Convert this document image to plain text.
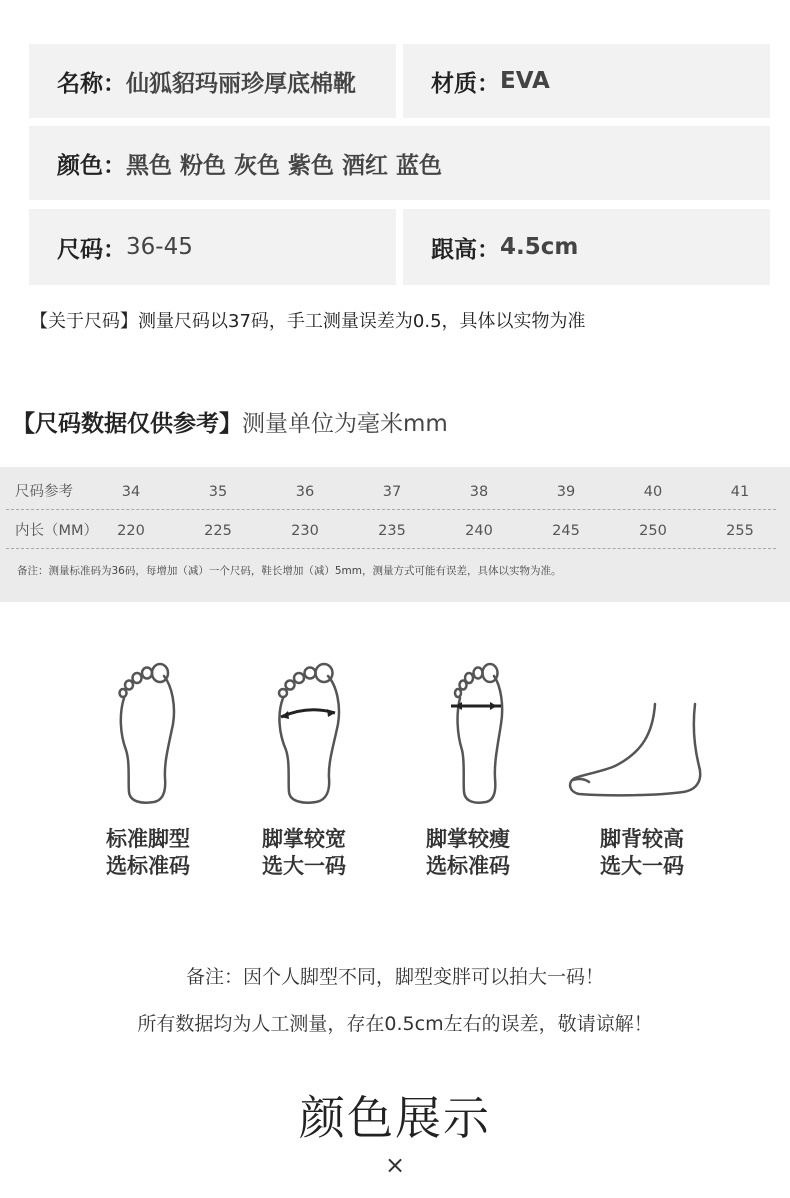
名称： 仙狐貂玛丽珍厚底棉靴	材质： EVA
颜色： 黑色 粉色 灰色 紫色 酒红 蓝色
尺码： 36-45	跟高： 4.5cm
【关于尺码】测量尺码以37码，手工测量误差为0.5，具体以实物为准
【尺码数据仅供参考】测量单位为毫米mm
尺码参考	34	35	36	37	38	39	40	41
内长（MM）	220	225	230	235	240	245	250	255
备注：测量标准码为36码，每增加（减）一个尺码，鞋长增加（减）5mm，测量方式可能有误差，具体以实物为准。
标准脚型
选标准码
脚掌较宽
选大一码
脚掌较瘦
选标准码
脚背较高
选大一码
备注：因个人脚型不同，脚型变胖可以拍大一码！
所有数据均为人工测量，存在0.5cm左右的误差，敬请谅解！
颜色展示
×
